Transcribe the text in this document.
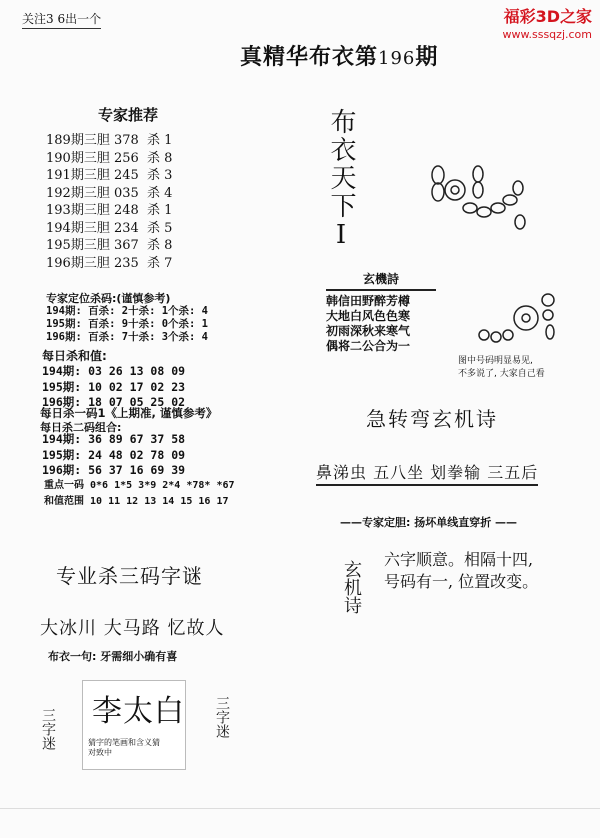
关注3 6出一个	福彩3D之家
www.sssqzj.com
真精华布衣第196期
专家推荐
189期三胆 378  杀 1
190期三胆 256  杀 8
191期三胆 245  杀 3
192期三胆 035  杀 4
193期三胆 248  杀 1
194期三胆 234  杀 5
195期三胆 367  杀 8
196期三胆 235  杀 7
专家定位杀码:(谨慎参考)
194期: 百杀: 2十杀: 1个杀: 4
195期: 百杀: 9十杀: 0个杀: 1
196期: 百杀: 7十杀: 3个杀: 4
每日杀和值:
194期: 03 26 13 08 09
195期: 10 02 17 02 23
196期: 18 07 05 25 02
每日杀一码1《上期准, 谨慎参考》
每日杀二码组合:
194期: 36 89 67 37 58
195期: 24 48 02 78 09
196期: 56 37 16 69 39
重点一码 0*6 1*5 3*9 2*4 *78* *67
和值范围 10 11 12 13 14 15 16 17
布衣天下I
玄機詩
韩信田野醉芳樽
大地白风色色寒
初雨深秋来寒气
偶将二公合为一
图中号码明显易见,
不多说了, 大家自己看
急转弯玄机诗
鼻涕虫 五八坐 划拳输 三五后
——专家定胆: 扬坏单线直穿折 ——
玄机诗
六字顺意。相隔十四,
号码有一, 位置改变。
专业杀三码字谜
大冰川 大马路 忆故人
布衣一句: 牙需细小确有喜
三字迷	三字迷
李太白
猜字的笔画和含义猜
对致中
